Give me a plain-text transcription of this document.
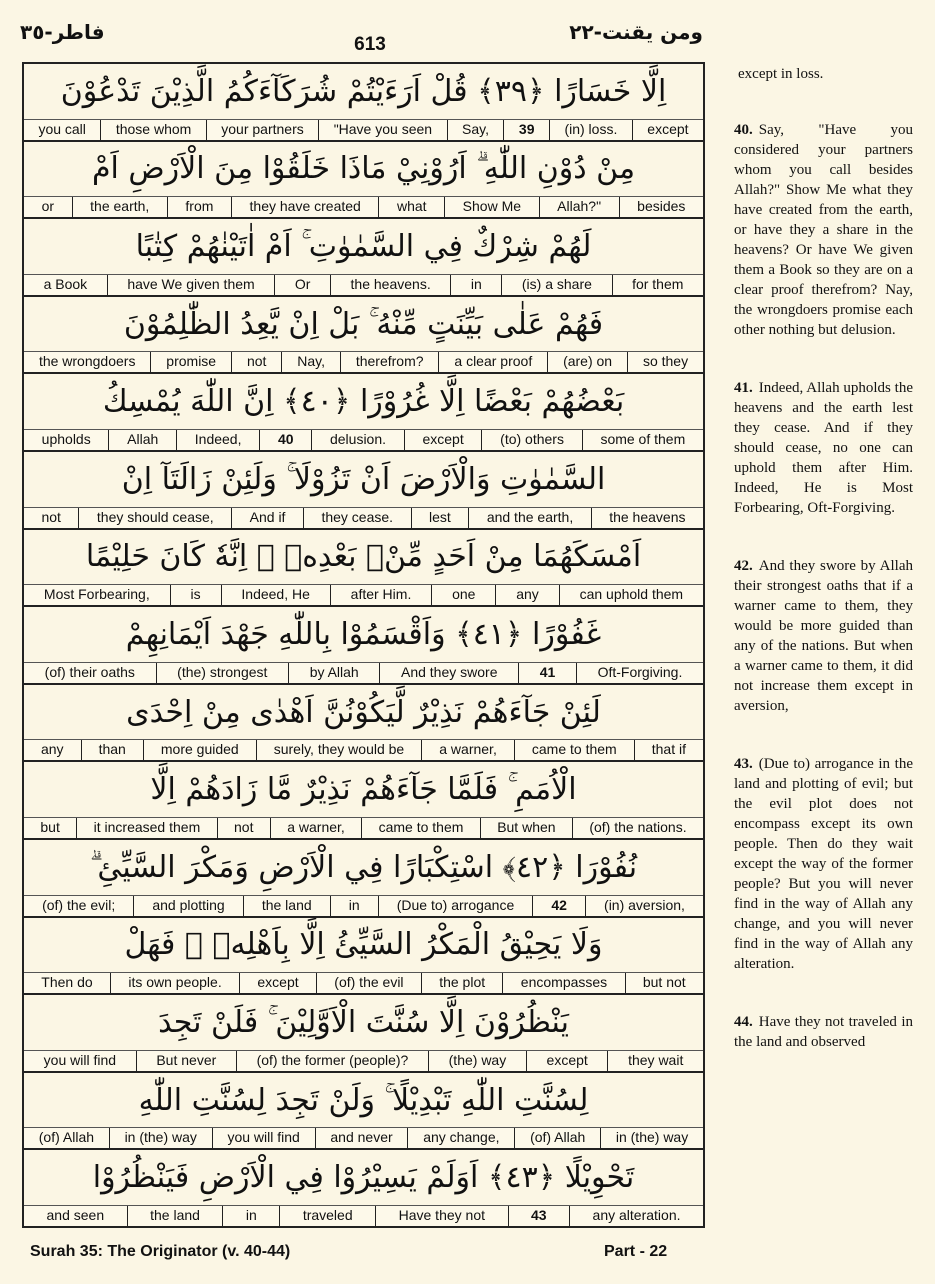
فاطر-٣٥
613
ومن يقنت-٢٢
اِلَّا خَسَارًا ﴿٣٩﴾ قُلْ اَرَءَيْتُمْ شُرَكَآءَكُمُ الَّذِيْنَ تَدْعُوْنَ
except
(in) loss.
39
Say,
"Have you seen
your partners
those whom
you call
مِنْ دُوْنِ اللّٰهِ ۗ اَرُوْنِيْ مَاذَا خَلَقُوْا مِنَ الْاَرْضِ اَمْ
besides
Allah?"
Show Me
what
they have created
from
the earth,
or
لَهُمْ شِرْكٌ فِي السَّمٰوٰتِ ۚ اَمْ اٰتَيْنٰهُمْ كِتٰبًا
for them
(is) a share
in
the heavens.
Or
have We given them
a Book
فَهُمْ عَلٰى بَيِّنَتٍ مِّنْهُ ۚ بَلْ اِنْ يَّعِدُ الظّٰلِمُوْنَ
so they
(are) on
a clear proof
therefrom?
Nay,
not
promise
the wrongdoers
بَعْضُهُمْ بَعْضًا اِلَّا غُرُوْرًا ﴿٤٠﴾ اِنَّ اللّٰهَ يُمْسِكُ
some of them
(to) others
except
delusion.
40
Indeed,
Allah
upholds
السَّمٰوٰتِ وَالْاَرْضَ اَنْ تَزُوْلَا ۚ وَلَئِنْ زَالَتَآ اِنْ
the heavens
and the earth,
lest
they cease.
And if
they should cease,
not
اَمْسَكَهُمَا مِنْ اَحَدٍ مِّنْۢ بَعْدِهٖ ۗ اِنَّهٗ كَانَ حَلِيْمًا
can uphold them
any
one
after Him.
Indeed, He
is
Most Forbearing,
غَفُوْرًا ﴿٤١﴾ وَاَقْسَمُوْا بِاللّٰهِ جَهْدَ اَيْمَانِهِمْ
Oft-Forgiving.
41
And they swore
by Allah
(the) strongest
(of) their oaths
لَئِنْ جَآءَهُمْ نَذِيْرٌ لَّيَكُوْنُنَّ اَهْدٰى مِنْ اِحْدَى
that if
came to them
a warner,
surely, they would be
more guided
than
any
الْاُمَمِ ۚ فَلَمَّا جَآءَهُمْ نَذِيْرٌ مَّا زَادَهُمْ اِلَّا
(of) the nations.
But when
came to them
a warner,
not
it increased them
but
نُفُوْرَا ﴿٤٢﴾ اسْتِكْبَارًا فِي الْاَرْضِ وَمَكْرَ السَّيِّئِ ۗ
(in) aversion,
42
(Due to) arrogance
in
the land
and plotting
(of) the evil;
وَلَا يَحِيْقُ الْمَكْرُ السَّيِّئُ اِلَّا بِاَهْلِهٖ ۗ فَهَلْ
but not
encompasses
the plot
(of) the evil
except
its own people.
Then do
يَنْظُرُوْنَ اِلَّا سُنَّتَ الْاَوَّلِيْنَ ۚ فَلَنْ تَجِدَ
they wait
except
(the) way
(of) the former (people)?
But never
you will find
لِسُنَّتِ اللّٰهِ تَبْدِيْلًا ۚ وَلَنْ تَجِدَ لِسُنَّتِ اللّٰهِ
in (the) way
(of) Allah
any change,
and never
you will find
in (the) way
(of) Allah
تَحْوِيْلًا ﴿٤٣﴾ اَوَلَمْ يَسِيْرُوْا فِي الْاَرْضِ فَيَنْظُرُوْا
any alteration.
43
Have they not
traveled
in
the land
and seen

except in loss.

40. Say, "Have you considered your partners whom you call besides Allah?" Show Me what they have created from the earth, or have they a share in the heavens? Or have We given them a Book so they are on a clear proof therefrom? Nay, the wrongdoers promise each other nothing but delusion.

41. Indeed, Allah upholds the heavens and the earth lest they cease. And if they should cease, no one can uphold them after Him. Indeed, He is Most Forbearing, Oft-Forgiving.

42. And they swore by Allah their strongest oaths that if a warner came to them, they would be more guided than any of the nations. But when a warner came to them, it did not increase them except in aversion,

43. (Due to) arrogance in the land and plotting of evil; but the evil plot does not encompass except its own people. Then do they wait except the way of the former people? But you will never find in the way of Allah any change, and you will never find in the way of Allah any alteration.

44. Have they not traveled in the land and observed

Surah 35: The Originator (v. 40-44)	Part - 22
